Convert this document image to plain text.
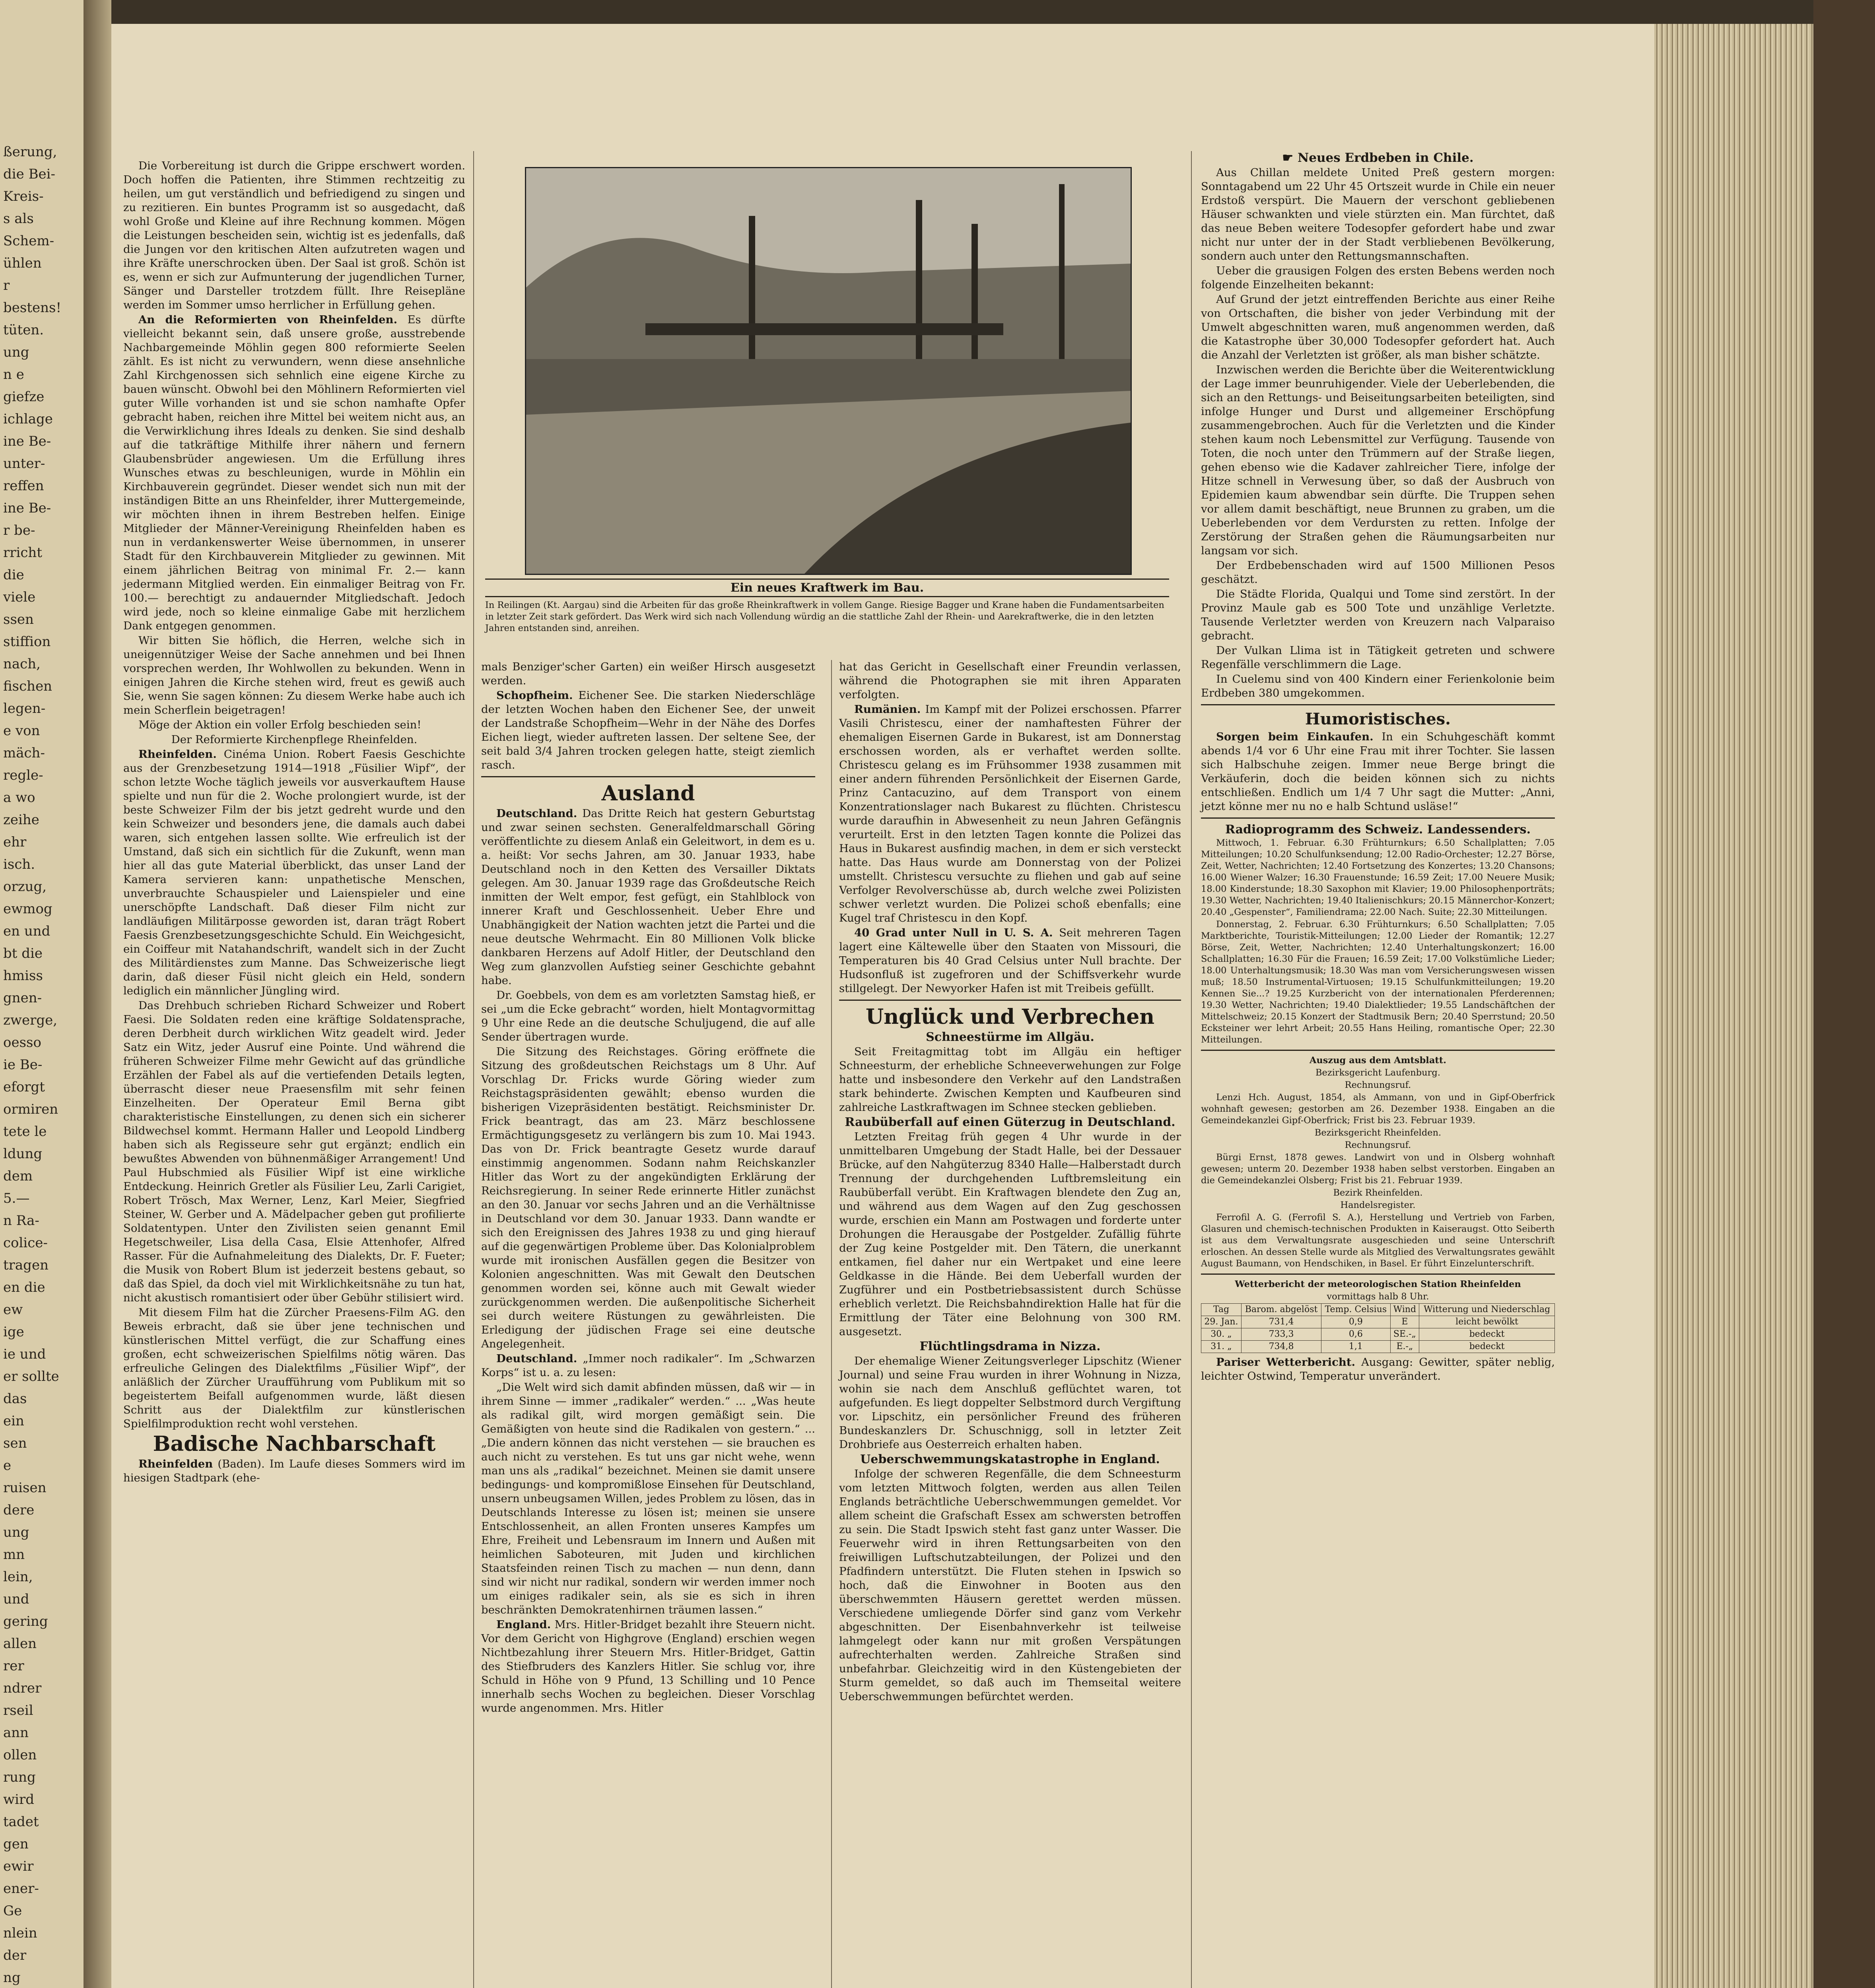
ßerung,
die Bei-
Kreis-
s als
Schem-
ühlen
r
bestens!
tüten.
ung
n e
giefze
ichlage
ine Be-
unter-
reffen
ine Be-
r be-
rricht
die
viele
ssen
stiffion
nach,
fischen
legen-
e von
mäch-
regle-
a wo
zeihe
ehr
isch.
orzug,
ewmog
en und
bt die
hmiss
gnen-
zwerge,
oesso
ie Be-
eforgt
ormiren
tete le
ldung
dem
5.—
n Ra-
colice-
tragen
en die
ew
ige
ie und
er sollte
das
ein
sen
e
ruisen
dere
ung
mn
lein,
und
gering
allen
rer
ndrer
rseil
ann
ollen
rung
wird
tadet
gen
ewir
ener-
Ge
nlein
der
ng

Die Vorbereitung ist durch die Grippe erschwert worden. Doch hoffen die Patienten, ihre Stimmen rechtzeitig zu heilen, um gut verständlich und befriedigend zu singen und zu rezitieren. Ein buntes Programm ist so ausgedacht, daß wohl Große und Kleine auf ihre Rechnung kommen. Mögen die Leistungen bescheiden sein, wichtig ist es jedenfalls, daß die Jungen vor den kritischen Alten aufzutreten wagen und ihre Kräfte unerschrocken üben. Der Saal ist groß. Schön ist es, wenn er sich zur Aufmunterung der jugendlichen Turner, Sänger und Darsteller trotzdem füllt. Ihre Reisepläne werden im Sommer umso herrlicher in Erfüllung gehen.

An die Reformierten von Rheinfelden. Es dürfte vielleicht bekannt sein, daß unsere große, ausstrebende Nachbargemeinde Möhlin gegen 800 reformierte Seelen zählt. Es ist nicht zu verwundern, wenn diese ansehnliche Zahl Kirchgenossen sich sehnlich eine eigene Kirche zu bauen wünscht. Obwohl bei den Möhlinern Reformierten viel guter Wille vorhanden ist und sie schon namhafte Opfer gebracht haben, reichen ihre Mittel bei weitem nicht aus, an die Verwirklichung ihres Ideals zu denken. Sie sind deshalb auf die tatkräftige Mithilfe ihrer nähern und fernern Glaubensbrüder angewiesen. Um die Erfüllung ihres Wunsches etwas zu beschleunigen, wurde in Möhlin ein Kirchbauverein gegründet. Dieser wendet sich nun mit der inständigen Bitte an uns Rheinfelder, ihrer Muttergemeinde, wir möchten ihnen in ihrem Bestreben helfen. Einige Mitglieder der Männer-Vereinigung Rheinfelden haben es nun in verdankenswerter Weise übernommen, in unserer Stadt für den Kirchbauverein Mitglieder zu gewinnen. Mit einem jährlichen Beitrag von minimal Fr. 2.— kann jedermann Mitglied werden. Ein einmaliger Beitrag von Fr. 100.— berechtigt zu andauernder Mitgliedschaft. Jedoch wird jede, noch so kleine einmalige Gabe mit herzlichem Dank entgegen genommen.

Wir bitten Sie höflich, die Herren, welche sich in uneigennütziger Weise der Sache annehmen und bei Ihnen vorsprechen werden, Ihr Wohlwollen zu bekunden. Wenn in einigen Jahren die Kirche stehen wird, freut es gewiß auch Sie, wenn Sie sagen können: Zu diesem Werke habe auch ich mein Scherflein beigetragen!

Möge der Aktion ein voller Erfolg beschieden sein!

Der Reformierte Kirchenpflege Rheinfelden.

Rheinfelden. Cinéma Union. Robert Faesis Geschichte aus der Grenzbesetzung 1914—1918 „Füsilier Wipf“, der schon letzte Woche täglich jeweils vor ausverkauftem Hause spielte und nun für die 2. Woche prolongiert wurde, ist der beste Schweizer Film der bis jetzt gedreht wurde und den kein Schweizer und besonders jene, die damals auch dabei waren, sich entgehen lassen sollte. Wie erfreulich ist der Umstand, daß sich ein sichtlich für die Zukunft, wenn man hier all das gute Material überblickt, das unser Land der Kamera servieren kann: unpathetische Menschen, unverbrauchte Schauspieler und Laienspieler und eine unerschöpfte Landschaft. Daß dieser Film nicht zur landläufigen Militärposse geworden ist, daran trägt Robert Faesis Grenzbesetzungsgeschichte Schuld. Ein Weichgesicht, ein Coiffeur mit Natahandschrift, wandelt sich in der Zucht des Militärdienstes zum Manne. Das Schweizerische liegt darin, daß dieser Füsil nicht gleich ein Held, sondern lediglich ein männlicher Jüngling wird.

Das Drehbuch schrieben Richard Schweizer und Robert Faesi. Die Soldaten reden eine kräftige Soldatensprache, deren Derbheit durch wirklichen Witz geadelt wird. Jeder Satz ein Witz, jeder Ausruf eine Pointe. Und während die früheren Schweizer Filme mehr Gewicht auf das gründliche Erzählen der Fabel als auf die vertiefenden Details legten, überrascht dieser neue Praesensfilm mit sehr feinen Einzelheiten. Der Operateur Emil Berna gibt charakteristische Einstellungen, zu denen sich ein sicherer Bildwechsel kommt. Hermann Haller und Leopold Lindberg haben sich als Regisseure sehr gut ergänzt; endlich ein bewußtes Abwenden von bühnenmäßiger Arrangement! Und Paul Hubschmied als Füsilier Wipf ist eine wirkliche Entdeckung. Heinrich Gretler als Füsilier Leu, Zarli Carigiet, Robert Trösch, Max Werner, Lenz, Karl Meier, Siegfried Steiner, W. Gerber und A. Mädelpacher geben gut profilierte Soldatentypen. Unter den Zivilisten seien genannt Emil Hegetschweiler, Lisa della Casa, Elsie Attenhofer, Alfred Rasser. Für die Aufnahmeleitung des Dialekts, Dr. F. Fueter; die Musik von Robert Blum ist jederzeit bestens gebaut, so daß das Spiel, da doch viel mit Wirklichkeitsnähe zu tun hat, nicht akustisch romantisiert oder über Gebühr stilisiert wird.

Mit diesem Film hat die Zürcher Praesens-Film AG. den Beweis erbracht, daß sie über jene technischen und künstlerischen Mittel verfügt, die zur Schaffung eines großen, echt schweizerischen Spielfilms nötig wären. Das erfreuliche Gelingen des Dialektfilms „Füsilier Wipf“, der anläßlich der Zürcher Uraufführung vom Publikum mit so begeistertem Beifall aufgenommen wurde, läßt diesen Schritt aus der Dialektfilm zur künstlerischen Spielfilmproduktion recht wohl verstehen.

Badische Nachbarschaft

Rheinfelden (Baden). Im Laufe dieses Sommers wird im hiesigen Stadtpark (ehe-

Ein neues Kraftwerk im Bau.
In Reilingen (Kt. Aargau) sind die Arbeiten für das große Rheinkraftwerk in vollem Gange. Riesige Bagger und Krane haben die Fundamentsarbeiten in letzter Zeit stark gefördert. Das Werk wird sich nach Vollendung würdig an die stattliche Zahl der Rhein- und Aarekraftwerke, die in den letzten Jahren entstanden sind, anreihen.

mals Benziger'scher Garten) ein weißer Hirsch ausgesetzt werden.

Schopfheim. Eichener See. Die starken Niederschläge der letzten Wochen haben den Eichener See, der unweit der Landstraße Schopfheim—Wehr in der Nähe des Dorfes Eichen liegt, wieder auftreten lassen. Der seltene See, der seit bald 3/4 Jahren trocken gelegen hatte, steigt ziemlich rasch.

Ausland

Deutschland. Das Dritte Reich hat gestern Geburtstag und zwar seinen sechsten. Generalfeldmarschall Göring veröffentlichte zu diesem Anlaß ein Geleitwort, in dem es u. a. heißt: Vor sechs Jahren, am 30. Januar 1933, habe Deutschland noch in den Ketten des Versailler Diktats gelegen. Am 30. Januar 1939 rage das Großdeutsche Reich inmitten der Welt empor, fest gefügt, ein Stahlblock von innerer Kraft und Geschlossenheit. Ueber Ehre und Unabhängigkeit der Nation wachten jetzt die Partei und die neue deutsche Wehrmacht. Ein 80 Millionen Volk blicke dankbaren Herzens auf Adolf Hitler, der Deutschland den Weg zum glanzvollen Aufstieg seiner Geschichte gebahnt habe.

Dr. Goebbels, von dem es am vorletzten Samstag hieß, er sei „um die Ecke gebracht“ worden, hielt Montagvormittag 9 Uhr eine Rede an die deutsche Schuljugend, die auf alle Sender übertragen wurde.

Die Sitzung des Reichstages. Göring eröffnete die Sitzung des großdeutschen Reichstags um 8 Uhr. Auf Vorschlag Dr. Fricks wurde Göring wieder zum Reichstagspräsidenten gewählt; ebenso wurden die bisherigen Vizepräsidenten bestätigt. Reichsminister Dr. Frick beantragt, das am 23. März beschlossene Ermächtigungsgesetz zu verlängern bis zum 10. Mai 1943. Das von Dr. Frick beantragte Gesetz wurde darauf einstimmig angenommen. Sodann nahm Reichskanzler Hitler das Wort zu der angekündigten Erklärung der Reichsregierung. In seiner Rede erinnerte Hitler zunächst an den 30. Januar vor sechs Jahren und an die Verhältnisse in Deutschland vor dem 30. Januar 1933. Dann wandte er sich den Ereignissen des Jahres 1938 zu und ging hierauf auf die gegenwärtigen Probleme über. Das Kolonialproblem wurde mit ironischen Ausfällen gegen die Besitzer von Kolonien angeschnitten. Was mit Gewalt den Deutschen genommen worden sei, könne auch mit Gewalt wieder zurückgenommen werden. Die außenpolitische Sicherheit sei durch weitere Rüstungen zu gewährleisten. Die Erledigung der jüdischen Frage sei eine deutsche Angelegenheit.

Deutschland. „Immer noch radikaler“. Im „Schwarzen Korps“ ist u. a. zu lesen:

„Die Welt wird sich damit abfinden müssen, daß wir — in ihrem Sinne — immer „radikaler“ werden.“ ... „Was heute als radikal gilt, wird morgen gemäßigt sein. Die Gemäßigten von heute sind die Radikalen von gestern.“ ... „Die andern können das nicht verstehen — sie brauchen es auch nicht zu verstehen. Es tut uns gar nicht wehe, wenn man uns als „radikal“ bezeichnet. Meinen sie damit unsere bedingungs- und kompromißlose Einsehen für Deutschland, unsern unbeugsamen Willen, jedes Problem zu lösen, das in Deutschlands Interesse zu lösen ist; meinen sie unsere Entschlossenheit, an allen Fronten unseres Kampfes um Ehre, Freiheit und Lebensraum im Innern und Außen mit heimlichen Saboteuren, mit Juden und kirchlichen Staatsfeinden reinen Tisch zu machen — nun denn, dann sind wir nicht nur radikal, sondern wir werden immer noch um einiges radikaler sein, als sie es sich in ihren beschränkten Demokratenhirnen träumen lassen.“

England. Mrs. Hitler-Bridget bezahlt ihre Steuern nicht. Vor dem Gericht von Highgrove (England) erschien wegen Nichtbezahlung ihrer Steuern Mrs. Hitler-Bridget, Gattin des Stiefbruders des Kanzlers Hitler. Sie schlug vor, ihre Schuld in Höhe von 9 Pfund, 13 Schilling und 10 Pence innerhalb sechs Wochen zu begleichen. Dieser Vorschlag wurde angenommen. Mrs. Hitler

hat das Gericht in Gesellschaft einer Freundin verlassen, während die Photographen sie mit ihren Apparaten verfolgten.

Rumänien. Im Kampf mit der Polizei erschossen. Pfarrer Vasili Christescu, einer der namhaftesten Führer der ehemaligen Eisernen Garde in Bukarest, ist am Donnerstag erschossen worden, als er verhaftet werden sollte. Christescu gelang es im Frühsommer 1938 zusammen mit einer andern führenden Persönlichkeit der Eisernen Garde, Prinz Cantacuzino, auf dem Transport von einem Konzentrationslager nach Bukarest zu flüchten. Christescu wurde daraufhin in Abwesenheit zu neun Jahren Gefängnis verurteilt. Erst in den letzten Tagen konnte die Polizei das Haus in Bukarest ausfindig machen, in dem er sich versteckt hatte. Das Haus wurde am Donnerstag von der Polizei umstellt. Christescu versuchte zu fliehen und gab auf seine Verfolger Revolverschüsse ab, durch welche zwei Polizisten schwer verletzt wurden. Die Polizei schoß ebenfalls; eine Kugel traf Christescu in den Kopf.

40 Grad unter Null in U. S. A. Seit mehreren Tagen lagert eine Kältewelle über den Staaten von Missouri, die Temperaturen bis 40 Grad Celsius unter Null brachte. Der Hudsonfluß ist zugefroren und der Schiffsverkehr wurde stillgelegt. Der Newyorker Hafen ist mit Treibeis gefüllt.

Unglück und Verbrechen

Schneestürme im Allgäu.

Seit Freitagmittag tobt im Allgäu ein heftiger Schneesturm, der erhebliche Schneeverwehungen zur Folge hatte und insbesondere den Verkehr auf den Landstraßen stark behinderte. Zwischen Kempten und Kaufbeuren sind zahlreiche Lastkraftwagen im Schnee stecken geblieben.

Raubüberfall auf einen Güterzug in Deutschland.

Letzten Freitag früh gegen 4 Uhr wurde in der unmittelbaren Umgebung der Stadt Halle, bei der Dessauer Brücke, auf den Nahgüterzug 8340 Halle—Halberstadt durch Trennung der durchgehenden Luftbremsleitung ein Raubüberfall verübt. Ein Kraftwagen blendete den Zug an, und während aus dem Wagen auf den Zug geschossen wurde, erschien ein Mann am Postwagen und forderte unter Drohungen die Herausgabe der Postgelder. Zufällig führte der Zug keine Postgelder mit. Den Tätern, die unerkannt entkamen, fiel daher nur ein Wertpaket und eine leere Geldkasse in die Hände. Bei dem Ueberfall wurden der Zugführer und ein Postbetriebsassistent durch Schüsse erheblich verletzt. Die Reichsbahndirektion Halle hat für die Ermittlung der Täter eine Belohnung von 300 RM. ausgesetzt.

Flüchtlingsdrama in Nizza.

Der ehemalige Wiener Zeitungsverleger Lipschitz (Wiener Journal) und seine Frau wurden in ihrer Wohnung in Nizza, wohin sie nach dem Anschluß geflüchtet waren, tot aufgefunden. Es liegt doppelter Selbstmord durch Vergiftung vor. Lipschitz, ein persönlicher Freund des früheren Bundeskanzlers Dr. Schuschnigg, soll in letzter Zeit Drohbriefe aus Oesterreich erhalten haben.

Ueberschwemmungskatastrophe in England.

Infolge der schweren Regenfälle, die dem Schneesturm vom letzten Mittwoch folgten, werden aus allen Teilen Englands beträchtliche Ueberschwemmungen gemeldet. Vor allem scheint die Grafschaft Essex am schwersten betroffen zu sein. Die Stadt Ipswich steht fast ganz unter Wasser. Die Feuerwehr wird in ihren Rettungsarbeiten von den freiwilligen Luftschutzabteilungen, der Polizei und den Pfadfindern unterstützt. Die Fluten stehen in Ipswich so hoch, daß die Einwohner in Booten aus den überschwemmten Häusern gerettet werden müssen. Verschiedene umliegende Dörfer sind ganz vom Verkehr abgeschnitten. Der Eisenbahnverkehr ist teilweise lahmgelegt oder kann nur mit großen Verspätungen aufrechterhalten werden. Zahlreiche Straßen sind unbefahrbar. Gleichzeitig wird in den Küstengebieten der Sturm gemeldet, so daß auch im Themseital weitere Ueberschwemmungen befürchtet werden.

☛ Neues Erdbeben in Chile.

Aus Chillan meldete United Preß gestern morgen: Sonntagabend um 22 Uhr 45 Ortszeit wurde in Chile ein neuer Erdstoß verspürt. Die Mauern der verschont gebliebenen Häuser schwankten und viele stürzten ein. Man fürchtet, daß das neue Beben weitere Todesopfer gefordert habe und zwar nicht nur unter der in der Stadt verbliebenen Bevölkerung, sondern auch unter den Rettungsmannschaften.

Ueber die grausigen Folgen des ersten Bebens werden noch folgende Einzelheiten bekannt:

Auf Grund der jetzt eintreffenden Berichte aus einer Reihe von Ortschaften, die bisher von jeder Verbindung mit der Umwelt abgeschnitten waren, muß angenommen werden, daß die Katastrophe über 30,000 Todesopfer gefordert hat. Auch die Anzahl der Verletzten ist größer, als man bisher schätzte.

Inzwischen werden die Berichte über die Weiterentwicklung der Lage immer beunruhigender. Viele der Ueberlebenden, die sich an den Rettungs- und Beiseitungsarbeiten beteiligten, sind infolge Hunger und Durst und allgemeiner Erschöpfung zusammengebrochen. Auch für die Verletzten und die Kinder stehen kaum noch Lebensmittel zur Verfügung. Tausende von Toten, die noch unter den Trümmern auf der Straße liegen, gehen ebenso wie die Kadaver zahlreicher Tiere, infolge der Hitze schnell in Verwesung über, so daß der Ausbruch von Epidemien kaum abwendbar sein dürfte. Die Truppen sehen vor allem damit beschäftigt, neue Brunnen zu graben, um die Ueberlebenden vor dem Verdursten zu retten. Infolge der Zerstörung der Straßen gehen die Räumungsarbeiten nur langsam vor sich.

Der Erdbebenschaden wird auf 1500 Millionen Pesos geschätzt.

Die Städte Florida, Qualqui und Tome sind zerstört. In der Provinz Maule gab es 500 Tote und unzählige Verletzte. Tausende Verletzter werden von Kreuzern nach Valparaiso gebracht.

Der Vulkan Llima ist in Tätigkeit getreten und schwere Regenfälle verschlimmern die Lage.

In Cuelemu sind von 400 Kindern einer Ferienkolonie beim Erdbeben 380 umgekommen.

Humoristisches.

Sorgen beim Einkaufen. In ein Schuhgeschäft kommt abends 1/4 vor 6 Uhr eine Frau mit ihrer Tochter. Sie lassen sich Halbschuhe zeigen. Immer neue Berge bringt die Verkäuferin, doch die beiden können sich zu nichts entschließen. Endlich um 1/4 7 Uhr sagt die Mutter: „Anni, jetzt könne mer nu no e halb Schtund usläse!“

Radioprogramm des Schweiz. Landessenders.

Mittwoch, 1. Februar. 6.30 Frühturnkurs; 6.50 Schallplatten; 7.05 Mitteilungen; 10.20 Schulfunksendung; 12.00 Radio-Orchester; 12.27 Börse, Zeit, Wetter, Nachrichten; 12.40 Fortsetzung des Konzertes; 13.20 Chansons; 16.00 Wiener Walzer; 16.30 Frauenstunde; 16.59 Zeit; 17.00 Neuere Musik; 18.00 Kinderstunde; 18.30 Saxophon mit Klavier; 19.00 Philosophenporträts; 19.30 Wetter, Nachrichten; 19.40 Italienischkurs; 20.15 Männerchor-Konzert; 20.40 „Gespenster“, Familiendrama; 22.00 Nach. Suite; 22.30 Mitteilungen.

Donnerstag, 2. Februar. 6.30 Frühturnkurs; 6.50 Schallplatten; 7.05 Marktberichte, Touristik-Mitteilungen; 12.00 Lieder der Romantik; 12.27 Börse, Zeit, Wetter, Nachrichten; 12.40 Unterhaltungskonzert; 16.00 Schallplatten; 16.30 Für die Frauen; 16.59 Zeit; 17.00 Volkstümliche Lieder; 18.00 Unterhaltungsmusik; 18.30 Was man vom Versicherungswesen wissen muß; 18.50 Instrumental-Virtuosen; 19.15 Schulfunkmitteilungen; 19.20 Kennen Sie...? 19.25 Kurzbericht von der internationalen Pferderennen; 19.30 Wetter, Nachrichten; 19.40 Dialektlieder; 19.55 Landschäftchen der Mittelschweiz; 20.15 Konzert der Stadtmusik Bern; 20.40 Sperrstund; 20.50 Ecksteiner wer lehrt Arbeit; 20.55 Hans Heiling, romantische Oper; 22.30 Mitteilungen.

Auszug aus dem Amtsblatt.

Bezirksgericht Laufenburg.

Rechnungsruf.

Lenzi Hch. August, 1854, als Ammann, von und in Gipf-Oberfrick wohnhaft gewesen; gestorben am 26. Dezember 1938. Eingaben an die Gemeindekanzlei Gipf-Oberfrick; Frist bis 23. Februar 1939.

Bezirksgericht Rheinfelden.

Rechnungsruf.

Bürgi Ernst, 1878 gewes. Landwirt von und in Olsberg wohnhaft gewesen; unterm 20. Dezember 1938 haben selbst verstorben. Eingaben an die Gemeindekanzlei Olsberg; Frist bis 21. Februar 1939.

Bezirk Rheinfelden.

Handelsregister.

Ferrofil A. G. (Ferrofil S. A.), Herstellung und Vertrieb von Farben, Glasuren und chemisch-technischen Produkten in Kaiseraugst. Otto Seiberth ist aus dem Verwaltungsrate ausgeschieden und seine Unterschrift erloschen. An dessen Stelle wurde als Mitglied des Verwaltungsrates gewählt August Baumann, von Hendschiken, in Basel. Er führt Einzelunterschrift.

Wetterbericht der meteorologischen Station Rheinfelden

vormittags halb 8 Uhr.

Tag	Barom. abgelöst	Temp. Celsius	Wind	Witterung und Niederschlag
29. Jan.	731,4	0,9	E	leicht bewölkt
30. „	733,3	0,6	SE.-„	bedeckt
31. „	734,8	1,1	E.-„	bedeckt

Pariser Wetterbericht. Ausgang: Gewitter, später neblig, leichter Ostwind, Temperatur unverändert.
